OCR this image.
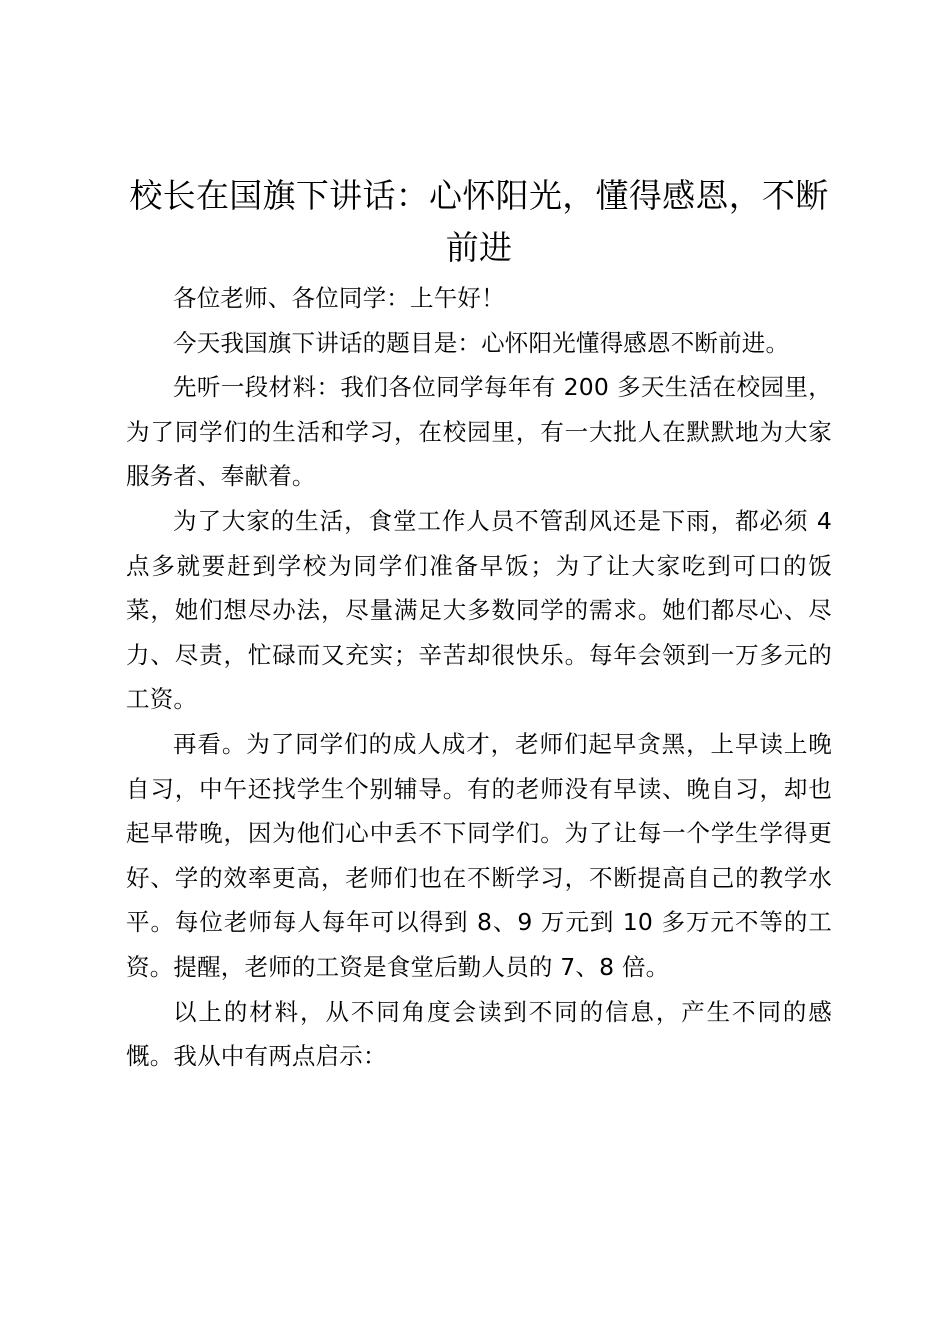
校长在国旗下讲话：心怀阳光，懂得感恩，不断前进

各位老师、各位同学：上午好！

今天我国旗下讲话的题目是：心怀阳光懂得感恩不断前进。

先听一段材料：我们各位同学每年有 200 多天生活在校园里，为了同学们的生活和学习，在校园里，有一大批人在默默地为大家服务者、奉献着。

为了大家的生活，食堂工作人员不管刮风还是下雨，都必须 4 点多就要赶到学校为同学们准备早饭；为了让大家吃到可口的饭菜，她们想尽办法，尽量满足大多数同学的需求。她们都尽心、尽力、尽责，忙碌而又充实；辛苦却很快乐。每年会领到一万多元的工资。

再看。为了同学们的成人成才，老师们起早贪黑，上早读上晚自习，中午还找学生个别辅导。有的老师没有早读、晚自习，却也起早带晚，因为他们心中丢不下同学们。为了让每一个学生学得更好、学的效率更高，老师们也在不断学习，不断提高自己的教学水平。每位老师每人每年可以得到 8、9 万元到 10 多万元不等的工资。提醒，老师的工资是食堂后勤人员的 7、8 倍。

以上的材料，从不同角度会读到不同的信息，产生不同的感慨。我从中有两点启示：
